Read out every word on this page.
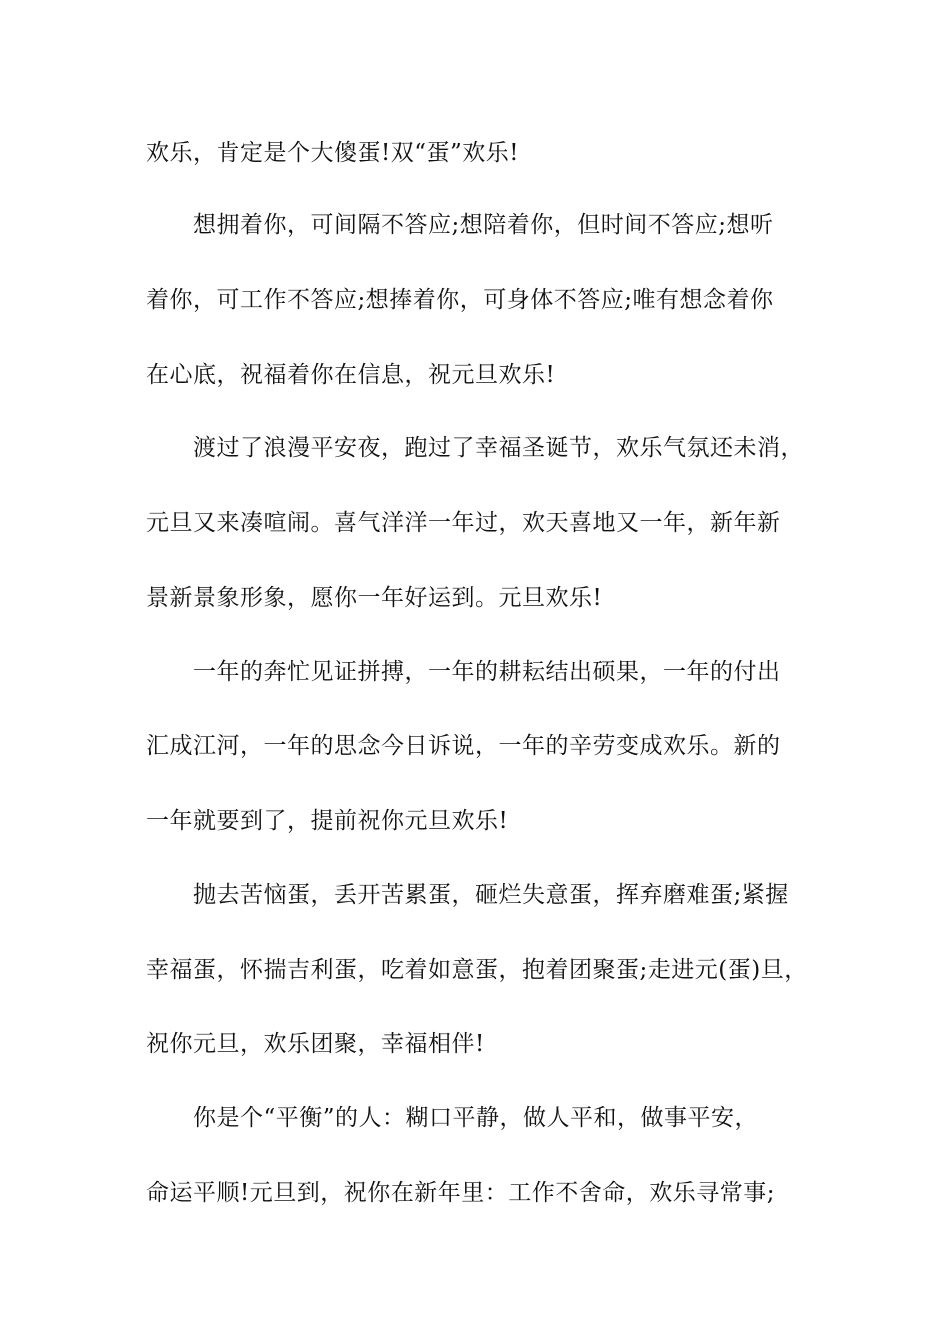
欢乐，肯定是个大傻蛋!双“蛋”欢乐!
想拥着你，可间隔不答应;想陪着你，但时间不答应;想听
着你，可工作不答应;想捧着你，可身体不答应;唯有想念着你
在心底，祝福着你在信息，祝元旦欢乐!
渡过了浪漫平安夜，跑过了幸福圣诞节，欢乐气氛还未消，
元旦又来凑喧闹。喜气洋洋一年过，欢天喜地又一年，新年新
景新景象形象，愿你一年好运到。元旦欢乐!
一年的奔忙见证拼搏，一年的耕耘结出硕果，一年的付出
汇成江河，一年的思念今日诉说，一年的辛劳变成欢乐。新的
一年就要到了，提前祝你元旦欢乐!
抛去苦恼蛋，丢开苦累蛋，砸烂失意蛋，挥弃磨难蛋;紧握
幸福蛋，怀揣吉利蛋，吃着如意蛋，抱着团聚蛋;走进元(蛋)旦，
祝你元旦，欢乐团聚，幸福相伴!
你是个“平衡”的人：糊口平静，做人平和，做事平安，
命运平顺!元旦到，祝你在新年里：工作不舍命，欢乐寻常事;
